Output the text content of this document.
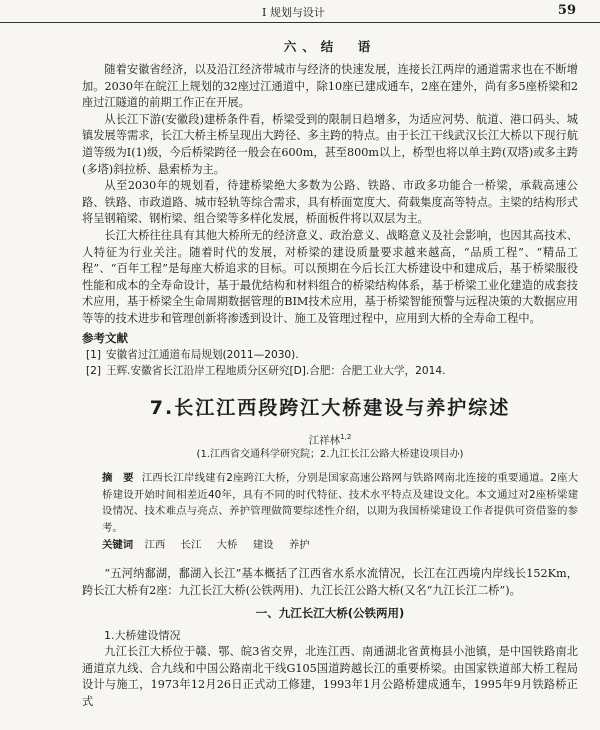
Ⅰ 规划与设计	59
六、结　语

随着安徽省经济，以及沿江经济带城市与经济的快速发展，连接长江两岸的通道需求也在不断增加。2030年在皖江上规划的32座过江通道中，除10座已建成通车，2座在建外，尚有多5座桥梁和2座过江隧道的前期工作正在开展。

从长江下游(安徽段)建桥条件看，桥梁受到的限制日趋增多，为适应河势、航道、港口码头、城镇发展等需求，长江大桥主桥呈现出大跨径、多主跨的特点。由于长江干线武汉长江大桥以下现行航道等级为Ⅰ(1)级，今后桥梁跨径一般会在600m，甚至800m以上，桥型也将以单主跨(双塔)或多主跨(多塔)斜拉桥、悬索桥为主。

从至2030年的规划看，待建桥梁绝大多数为公路、铁路、市政多功能合一桥梁，承载高速公路、铁路、市政道路、城市轻轨等综合需求，具有桥面宽度大、荷载集度高等特点。主梁的结构形式将呈钢箱梁、钢桁梁、组合梁等多样化发展，桥面板件将以双层为主。

长江大桥往往具有其他大桥所无的经济意义、政治意义、战略意义及社会影响，也因其高技术、人特征为行业关注。随着时代的发展，对桥梁的建设质量要求越来越高，“品质工程”、“精品工程”、“百年工程”是每座大桥追求的目标。可以预期在今后长江大桥建设中和建成后，基于桥梁服役性能和成本的全寿命设计，基于最优结构和材料组合的桥梁结构体系，基于桥梁工业化建造的成套技术应用，基于桥梁全生命周期数据管理的BIM技术应用，基于桥梁智能预警与远程决策的大数据应用等等的技术进步和管理创新将渗透到设计、施工及管理过程中，应用到大桥的全寿命工程中。

参考文献
[1] 安徽省过江通道布局规划(2011—2030).
[2] 王辉.安徽省长江沿岸工程地质分区研究[D].合肥：合肥工业大学，2014.
7.长江江西段跨江大桥建设与养护综述
江祥林$^{1,2}$
(1.江西省交通科学研究院；2.九江长江公路大桥建设项目办)

摘　要 江西长江岸线建有2座跨江大桥，分别是国家高速公路网与铁路网南北连接的重要通道。2座大桥建设开始时间相差近40年，具有不同的时代特征、技术水平特点及建设文化。本文通过对2座桥梁建设情况、技术难点与亮点、养护管理做简要综述性介绍，以期为我国桥梁建设工作者提供可资借鉴的参考。

关键词 江西 长江 大桥 建设 养护

“五河纳鄱湖，鄱湖入长江”基本概括了江西省水系水流情况，长江在江西境内岸线长152Km，跨长江大桥有2座：九江长江大桥(公铁两用)、九江长江公路大桥(又名“九江长江二桥”)。

一、九江长江大桥(公铁两用)
1.大桥建设情况

九江长江大桥位于赣、鄂、皖3省交界，北连江西、南通湖北省黄梅县小池镇，是中国铁路南北通道京九线、合九线和中国公路南北干线G105国道跨越长江的重要桥梁。由国家铁道部大桥工程局设计与施工，1973年12月26日正式动工修建，1993年1月公路桥建成通车，1995年9月铁路桥正式
